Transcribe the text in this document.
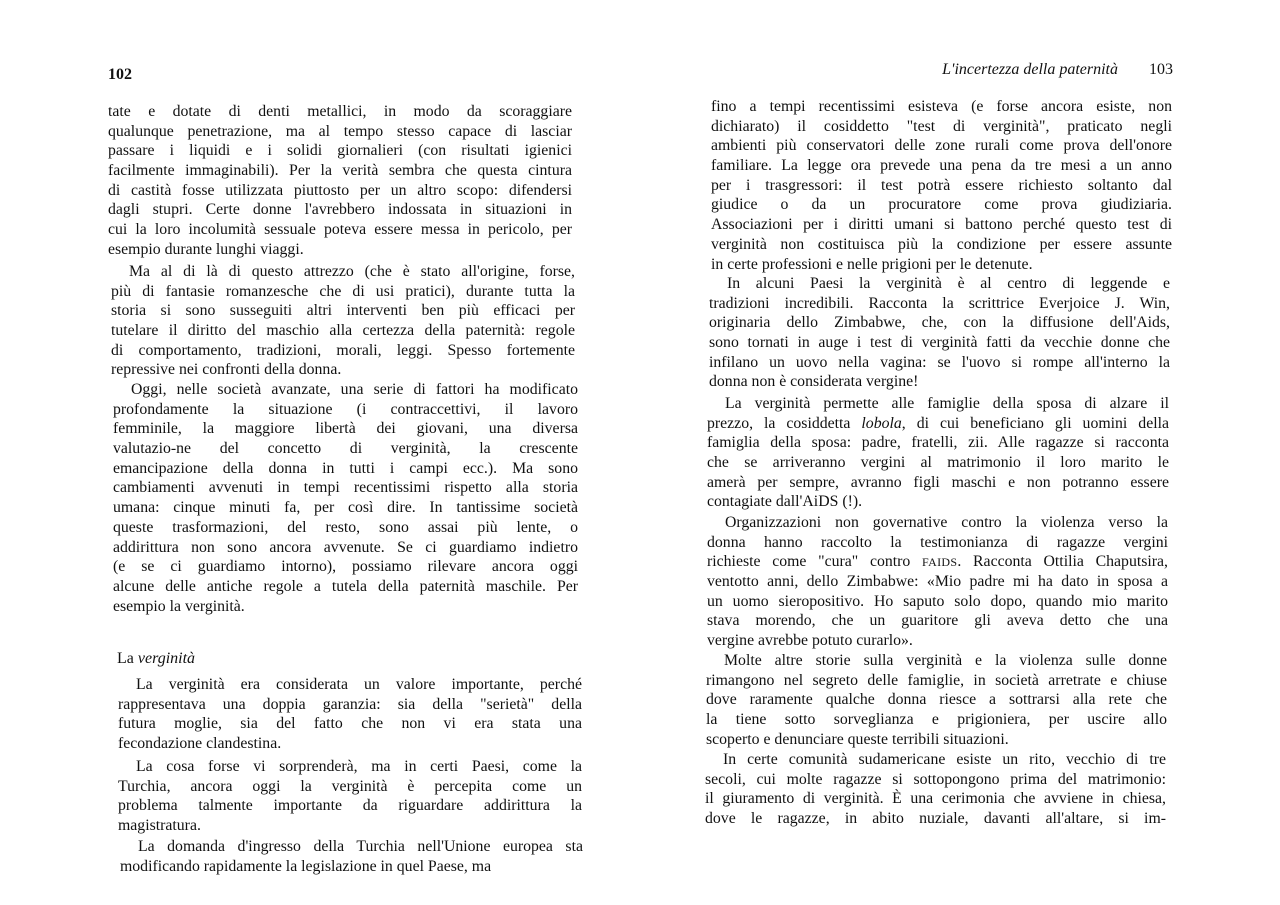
102
tate e dotate di denti metallici, in modo da scoraggiare
qualunque penetrazione, ma al tempo stesso capace di lasciar
passare i liquidi e i solidi giornalieri (con risultati igienici
facilmente immaginabili). Per la verità sembra che questa cintura
di castità fosse utilizzata piuttosto per un altro scopo: difendersi
dagli stupri. Certe donne l'avrebbero indossata in situazioni in
cui la loro incolumità sessuale poteva essere messa in pericolo, per
esempio durante lunghi viaggi.
Ma al di là di questo attrezzo (che è stato all'origine, forse,
più di fantasie romanzesche che di usi pratici), durante tutta la
storia si sono susseguiti altri interventi ben più efficaci per
tutelare il diritto del maschio alla certezza della paternità: regole
di comportamento, tradizioni, morali, leggi. Spesso fortemente
repressive nei confronti della donna.
Oggi, nelle società avanzate, una serie di fattori ha modificato
profondamente la situazione (i contraccettivi, il lavoro
femminile, la maggiore libertà dei giovani, una diversa
valutazio-ne del concetto di verginità, la crescente
emancipazione della donna in tutti i campi ecc.). Ma sono
cambiamenti avvenuti in tempi recentissimi rispetto alla storia
umana: cinque minuti fa, per così dire. In tantissime società
queste trasformazioni, del resto, sono assai più lente, o
addirittura non sono ancora avvenute. Se ci guardiamo indietro
(e se ci guardiamo intorno), possiamo rilevare ancora oggi
alcune delle antiche regole a tutela della paternità maschile. Per
esempio la verginità.
La verginità
La verginità era considerata un valore importante, perché
rappresentava una doppia garanzia: sia della "serietà" della
futura moglie, sia del fatto che non vi era stata una
fecondazione clandestina.
La cosa forse vi sorprenderà, ma in certi Paesi, come la
Turchia, ancora oggi la verginità è percepita come un
problema talmente importante da riguardare addirittura la
magistratura.
La domanda d'ingresso della Turchia nell'Unione europea sta
modificando rapidamente la legislazione in quel Paese, ma
L'incertezza della paternità 103
fino a tempi recentissimi esisteva (e forse ancora esiste, non
dichiarato) il cosiddetto "test di verginità", praticato negli
ambienti più conservatori delle zone rurali come prova dell'onore
familiare. La legge ora prevede una pena da tre mesi a un anno
per i trasgressori: il test potrà essere richiesto soltanto dal
giudice o da un procuratore come prova giudiziaria.
Associazioni per i diritti umani si battono perché questo test di
verginità non costituisca più la condizione per essere assunte
in certe professioni e nelle prigioni per le detenute.
In alcuni Paesi la verginità è al centro di leggende e
tradizioni incredibili. Racconta la scrittrice Everjoice J. Win,
originaria dello Zimbabwe, che, con la diffusione dell'Aids,
sono tornati in auge i test di verginità fatti da vecchie donne che
infilano un uovo nella vagina: se l'uovo si rompe all'interno la
donna non è considerata vergine!
La verginità permette alle famiglie della sposa di alzare il
prezzo, la cosiddetta lobola, di cui beneficiano gli uomini della
famiglia della sposa: padre, fratelli, zii. Alle ragazze si racconta
che se arriveranno vergini al matrimonio il loro marito le
amerà per sempre, avranno figli maschi e non potranno essere
contagiate dall'AiDS (!).
Organizzazioni non governative contro la violenza verso la
donna hanno raccolto la testimonianza di ragazze vergini
richieste come "cura" contro FAIDS. Racconta Ottilia Chaputsira,
ventotto anni, dello Zimbabwe: «Mio padre mi ha dato in sposa a
un uomo sieropositivo. Ho saputo solo dopo, quando mio marito
stava morendo, che un guaritore gli aveva detto che una
vergine avrebbe potuto curarlo».
Molte altre storie sulla verginità e la violenza sulle donne
rimangono nel segreto delle famiglie, in società arretrate e chiuse
dove raramente qualche donna riesce a sottrarsi alla rete che
la tiene sotto sorveglianza e prigioniera, per uscire allo
scoperto e denunciare queste terribili situazioni.
In certe comunità sudamericane esiste un rito, vecchio di tre
secoli, cui molte ragazze si sottopongono prima del matrimonio:
il giuramento di verginità. È una cerimonia che avviene in chiesa,
dove le ragazze, in abito nuziale, davanti all'altare, si im-
